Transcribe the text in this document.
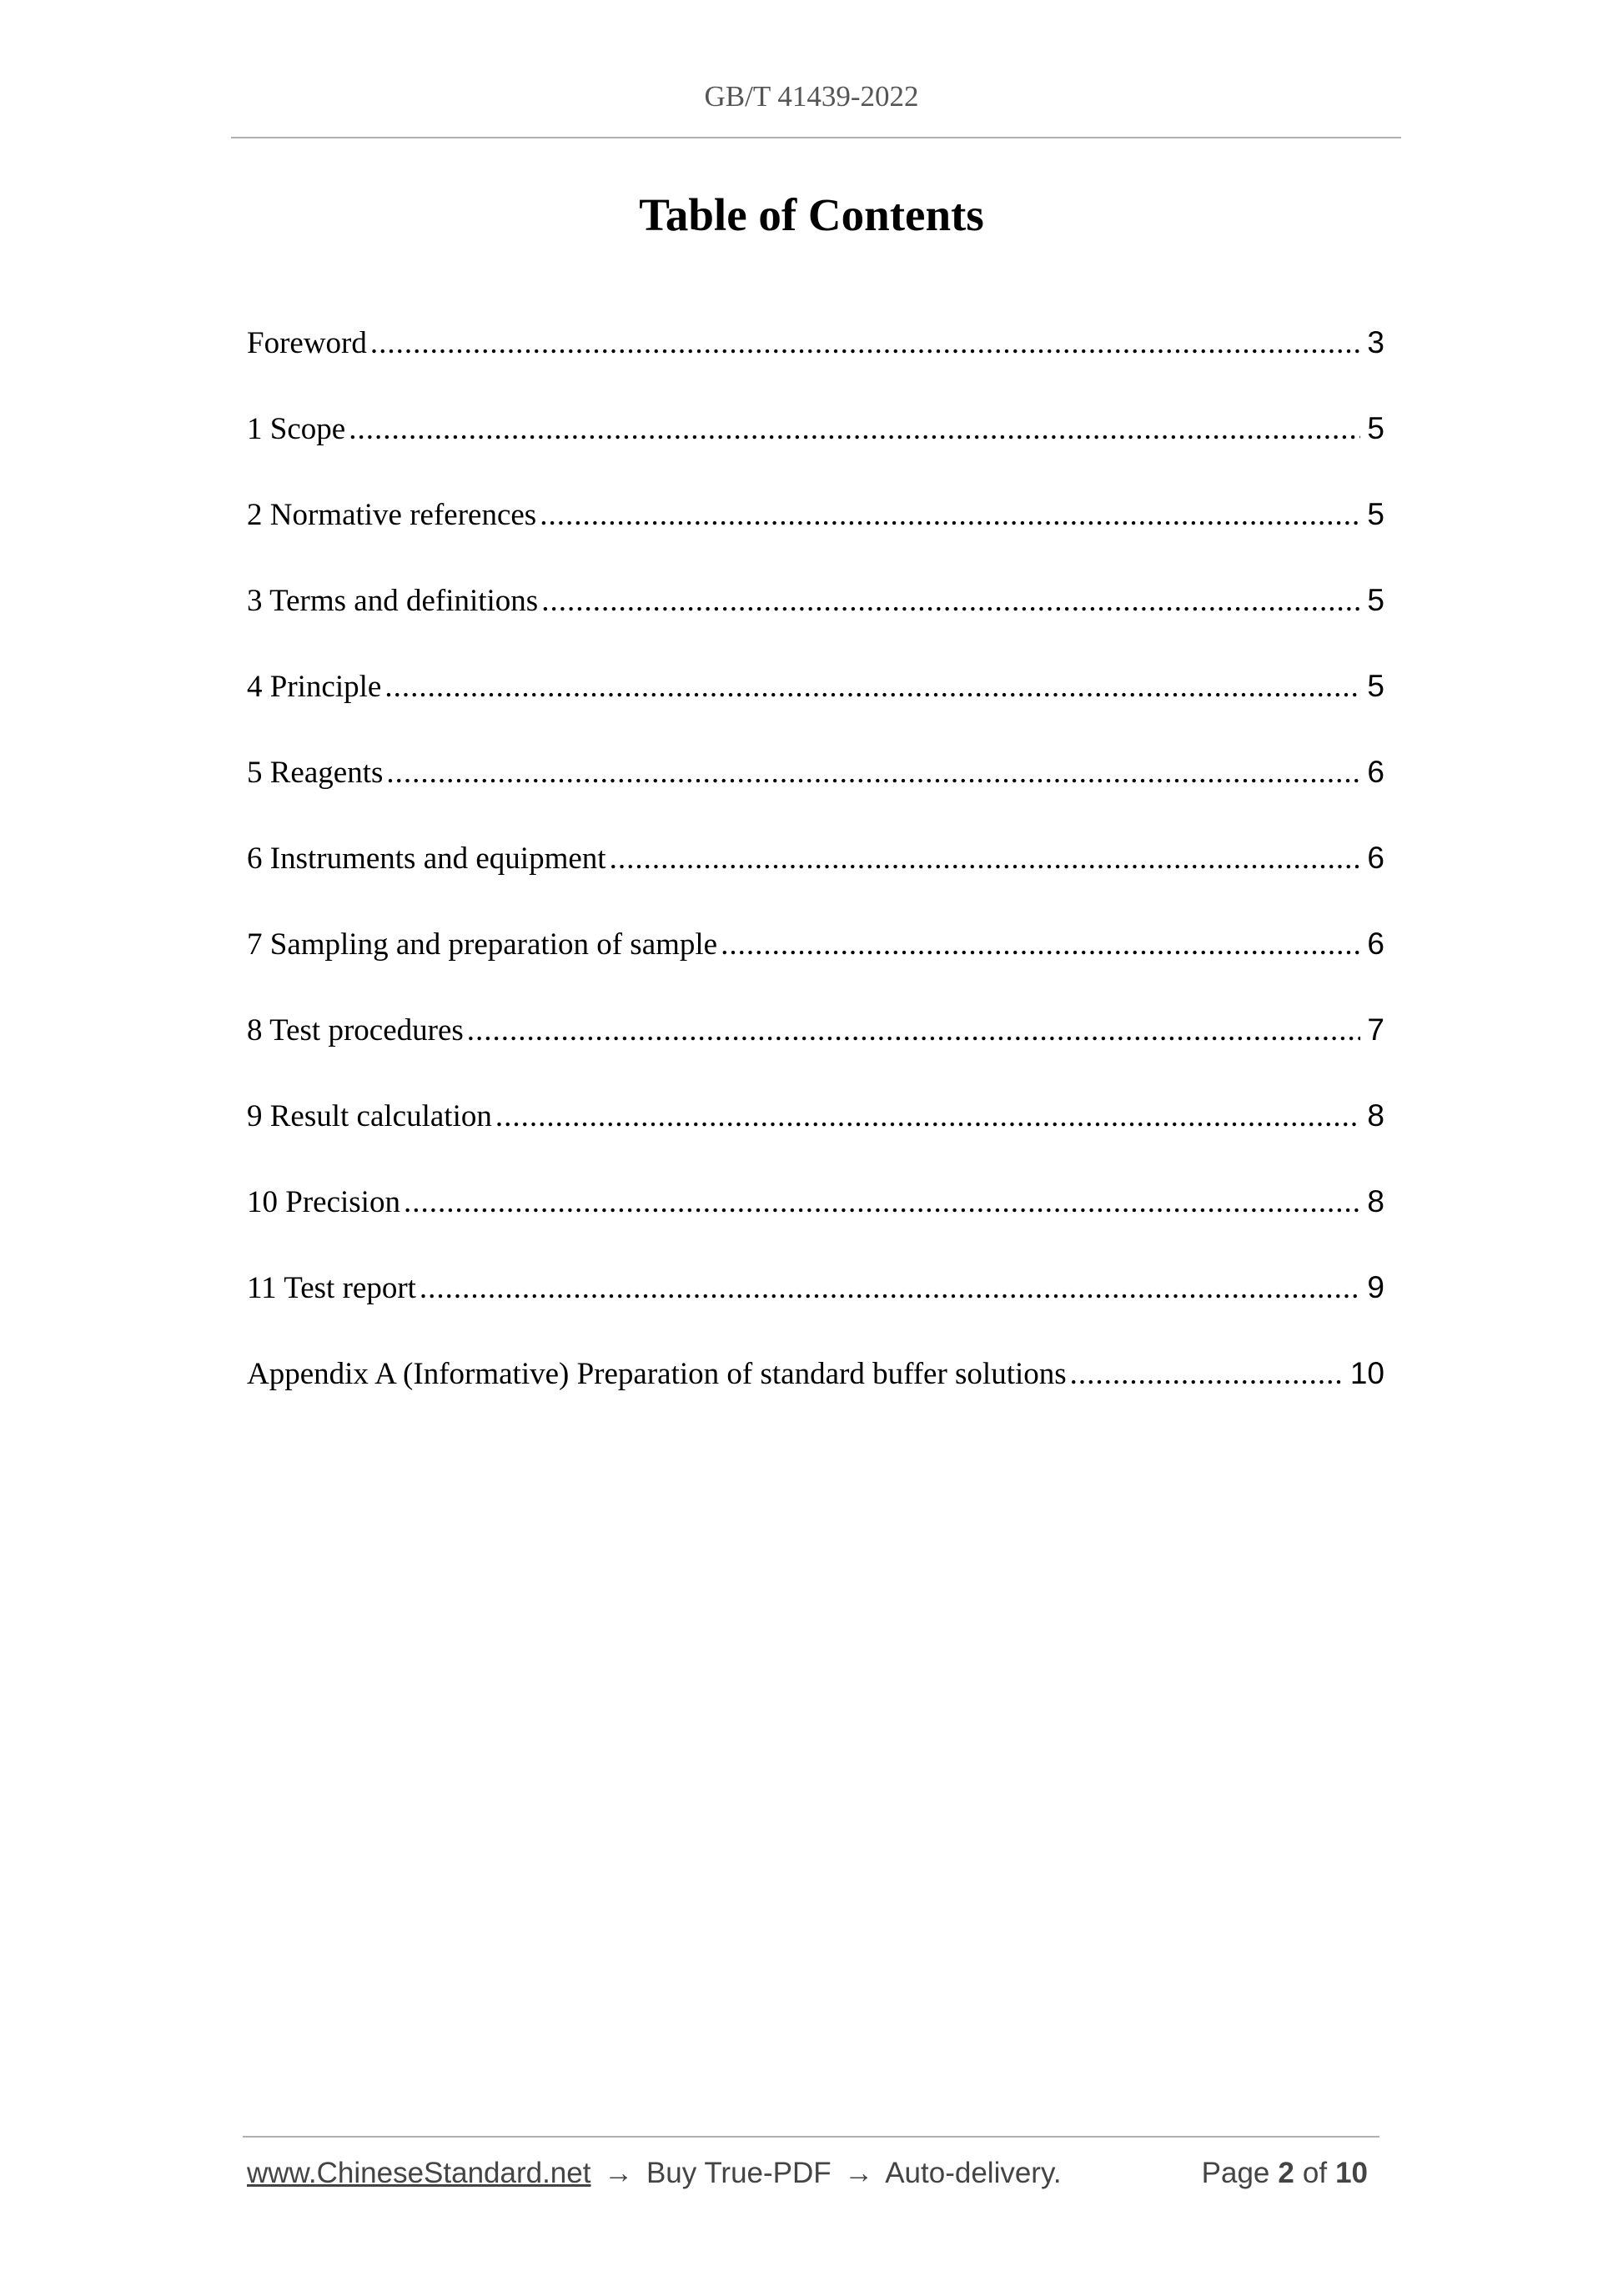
GB/T 41439-2022
Table of Contents
Foreword .....	3
1 Scope .....	5
2 Normative references .....	5
3 Terms and definitions .....	5
4 Principle .....	5
5 Reagents .....	6
6 Instruments and equipment .....	6
7 Sampling and preparation of sample .....	6
8 Test procedures .....	7
9 Result calculation .....	8
10 Precision .....	8
11 Test report .....	9
Appendix A (Informative) Preparation of standard buffer solutions .....	10
www.ChineseStandard.net → Buy True-PDF → Auto-delivery.	Page 2 of 10
